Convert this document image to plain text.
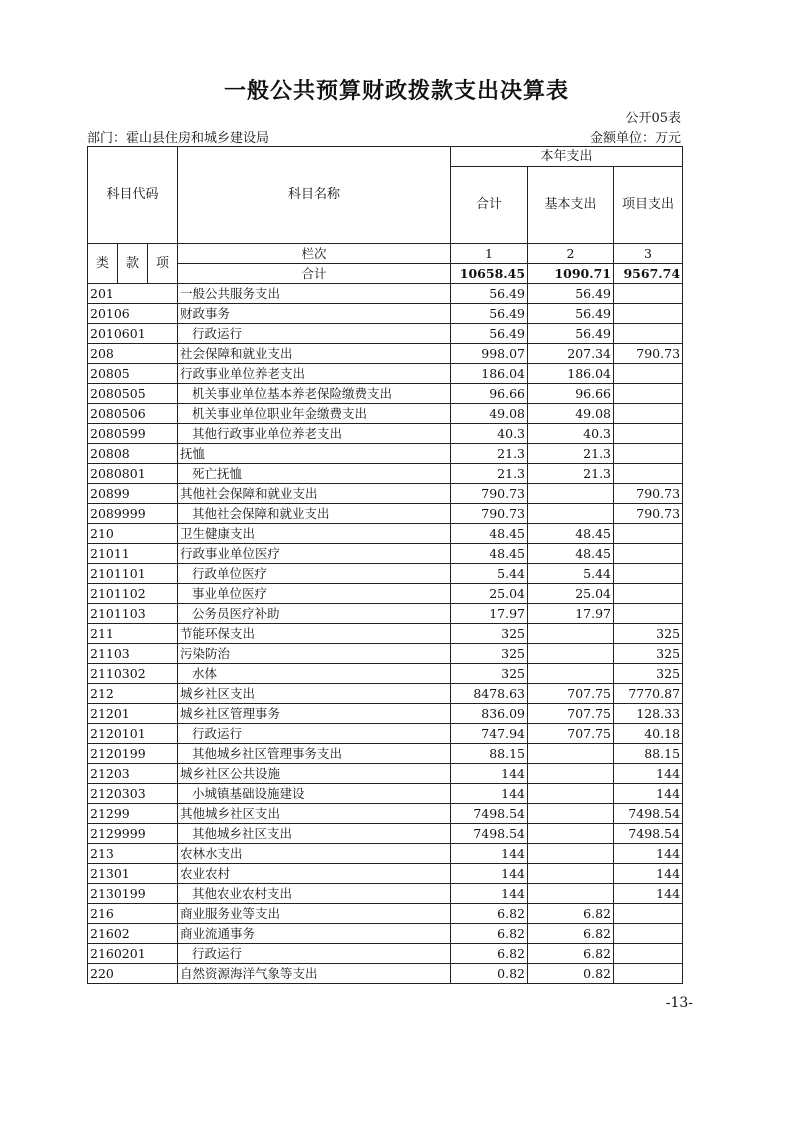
一般公共预算财政拨款支出决算表
公开05表
部门：霍山县住房和城乡建设局	金额单位：万元
科目代码			科目名称	本年支出		
				合计	基本支出	项目支出

类	款	项	栏次	1	2	3
			合计	10658.45	1090.71	9567.74
201			一般公共服务支出	56.49	56.49	
20106			财政事务	56.49	56.49	
2010601			行政运行	56.49	56.49	
208			社会保障和就业支出	998.07	207.34	790.73
20805			行政事业单位养老支出	186.04	186.04	
2080505			机关事业单位基本养老保险缴费支出	96.66	96.66	
2080506			机关事业单位职业年金缴费支出	49.08	49.08	
2080599			其他行政事业单位养老支出	40.3	40.3	
20808			抚恤	21.3	21.3	
2080801			死亡抚恤	21.3	21.3	
20899			其他社会保障和就业支出	790.73		790.73
2089999			其他社会保障和就业支出	790.73		790.73
210			卫生健康支出	48.45	48.45	
21011			行政事业单位医疗	48.45	48.45	
2101101			行政单位医疗	5.44	5.44	
2101102			事业单位医疗	25.04	25.04	
2101103			公务员医疗补助	17.97	17.97	
211			节能环保支出	325		325
21103			污染防治	325		325
2110302			水体	325		325
212			城乡社区支出	8478.63	707.75	7770.87
21201			城乡社区管理事务	836.09	707.75	128.33
2120101			行政运行	747.94	707.75	40.18
2120199			其他城乡社区管理事务支出	88.15		88.15
21203			城乡社区公共设施	144		144
2120303			小城镇基础设施建设	144		144
21299			其他城乡社区支出	7498.54		7498.54
2129999			其他城乡社区支出	7498.54		7498.54
213			农林水支出	144		144
21301			农业农村	144		144
2130199			其他农业农村支出	144		144
216			商业服务业等支出	6.82	6.82	
21602			商业流通事务	6.82	6.82	
2160201			行政运行	6.82	6.82	
220			自然资源海洋气象等支出	0.82	0.82	
-13-
